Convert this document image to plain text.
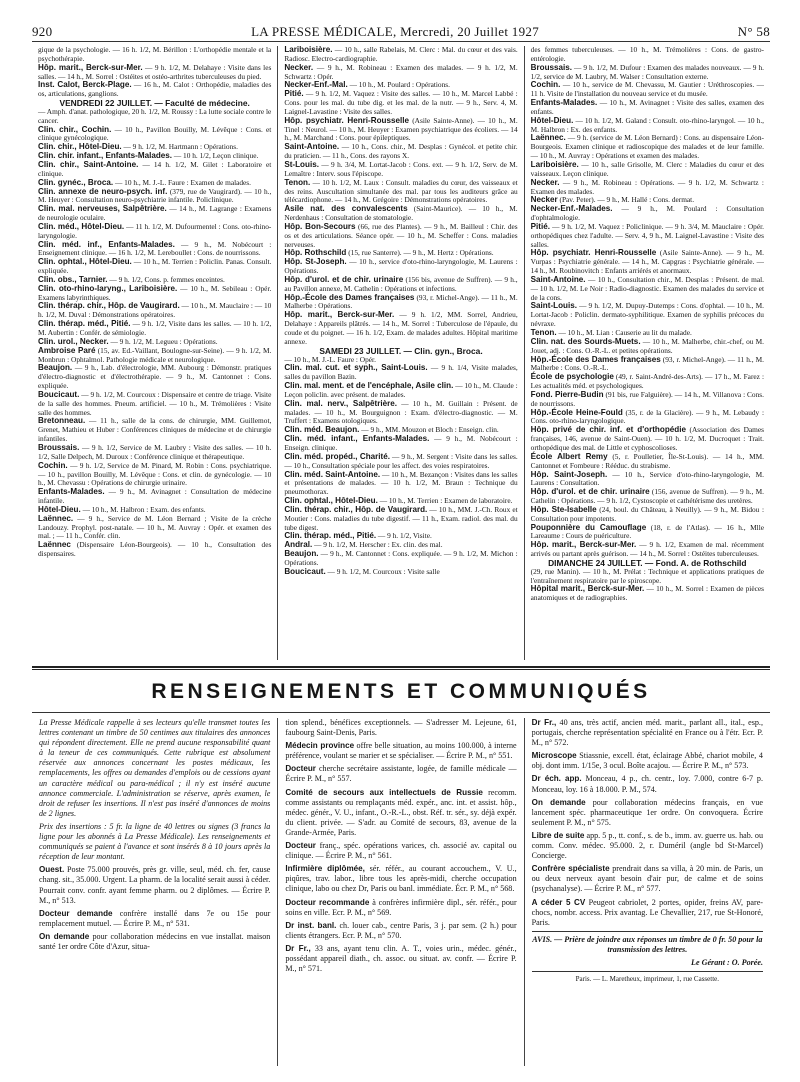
920	LA PRESSE MÉDICALE, Mercredi, 20 Juillet 1927	N° 58

gique de la psychologie. — 16 h. 1/2, M. Bérillon : L'orthopédie mentale et la psychothérapie.

Hôp. marit., Berck-sur-Mer. — 9 h. 1/2, M. Delahaye : Visite dans les salles. — 14 h., M. Sorrel : Ostéites et ostéo-arthrites tuberculeuses du pied.

Inst. Calot, Berck-Plage. — 16 h., M. Calot : Orthopédie, maladies des os, articulations, ganglions.

VENDREDI 22 JUILLET. — Faculté de médecine.

— Amph. d'anat. pathologique, 20 h. 1/2, M. Roussy : La lutte sociale contre le cancer.

Clin. chir., Cochin. — 10 h., Pavillon Bouilly, M. Lévêque : Cons. et clinique gynécologique.

Clin. chir., Hôtel-Dieu. — 9 h. 1/2, M. Hartmann : Opérations.

Clin. chir. infant., Enfants-Malades. — 10 h. 1/2, Leçon clinique.

Clin. chir., Saint-Antoine. — 14 h. 1/2, M. Gilet : Laboratoire et clinique.

Clin. gynéc., Broca. — 10 h., M. J.-L. Faure : Examen de malades.

Clin. annexe de neuro-psych. inf. (379, rue de Vaugirard). — 10 h., M. Heuyer : Consultation neuro-psychiatrie infantile. Policlinique.

Clin. mal. nerveuses, Salpêtrière. — 14 h., M. Lagrange : Examens de neurologie oculaire.

Clin. méd., Hôtel-Dieu. — 11 h. 1/2, M. Dufourmentel : Cons. oto-rhino-laryngologie.

Clin. méd. inf., Enfants-Malades. — 9 h., M. Nobécourt : Enseignement clinique. — 16 h. 1/2, M. Lereboullet : Cons. de nourrissons.

Clin. ophtal., Hôtel-Dieu. — 10 h., M. Terrien : Policlin. Panas. Consult. expliquée.

Clin. obs., Tarnier. — 9 h. 1/2, Cons. p. femmes enceintes.

Clin. oto-rhino-laryng., Lariboisière. — 10 h., M. Sebileau : Opér. Examens labyrinthiques.

Clin. thérap. chir., Hôp. de Vaugirard. — 10 h., M. Mauclaire : — 10 h. 1/2, M. Duval : Démonstrations opératoires.

Clin. thérap. méd., Pitié. — 9 h. 1/2, Visite dans les salles. — 10 h. 1/2, M. Aubertin : Confér. de sémiologie.

Clin. urol., Necker. — 9 h. 1/2, M. Legueu : Opérations.

Ambroise Paré (15, av. Ed.-Vaillant, Boulogne-sur-Seine). — 9 h. 1/2, M. Monbrun : Ophtalmol. Pathologie médicale et neurologique.

Beaujon. — 9 h., Lab. d'électrologie, MM. Aubourg : Démonstr. pratiques d'électro-diagnostic et d'électrothérapie. — 9 h., M. Cantonnet : Cons. expliquée.

Boucicaut. — 9 h. 1/2, M. Courcoux : Dispensaire et centre de triage. Visite de la salle des hommes. Pneum. artificiel. — 10 h., M. Trémolières : Visite salle des hommes.

Bretonneau. — 11 h., salle de la cons. de chirurgie, MM. Guillemot, Grenet, Mathieu et Huber : Conférences cliniques de médecine et de chirurgie infantiles.

Broussais. — 9 h. 1/2, Service de M. Laubry : Visite des salles. — 10 h. 1/2, Salle Delpech, M. Duroux : Conférence clinique et thérapeutique.

Cochin. — 9 h. 1/2, Service de M. Pinard, M. Robin : Cons. psychiatrique. — 10 h., pavillon Bouilly, M. Lévêque : Cons. et clin. de gynécologie. — 10 h., M. Chevassu : Opérations de chirurgie urinaire.

Enfants-Malades. — 9 h., M. Avinagnet : Consultation de médecine infantile.

Hôtel-Dieu. — 10 h., M. Halbron : Exam. des enfants.

Laënnec. — 9 h., Service de M. Léon Bernard ; Visite de la crèche Landouzy. Prophyl. post-natale. — 10 h., M. Auvray : Opér. et examen des mal. ; — 11 h., Confér. clin.

Laënnec (Dispensaire Léon-Bourgeois). — 10 h., Consultation des dispensaires.

Lariboisière. — 10 h., salle Rabelais, M. Clerc : Mal. du cœur et des vais. Radiosc. Electro-cardiographie.

Necker. — 9 h., M. Robineau : Examen des malades. — 9 h. 1/2, M. Schwartz : Opér.

Necker-Enf.-Mal. — 10 h., M. Poulard : Opérations.

Pitié. — 9 h. 1/2, M. Vaquez : Visite des salles. — 10 h., M. Marcel Labbé : Cons. pour les mal. du tube dig. et les mal. de la nutr. — 9 h., Serv. 4, M. Laignel-Lavastine : Visite des salles.

Hôp. psychiatr. Henri-Rousselle (Asile Sainte-Anne). — 10 h., M. Tinel : Neurol. — 10 h., M. Heuyer : Examen psychiatrique des écoliers. — 14 h., M. Marchand : Cons. pour épileptiques.

Saint-Antoine. — 10 h., Cons. chir., M. Desplas : Gynécol. et petite chir. du praticien. — 11 h., Cons. des rayons X.

St-Louis. — 9 h. 3/4, M. Lortat-Jacob : Cons. ext. — 9 h. 1/2, Serv. de M. Lemaître : Interv. sous l'épiscope.

Tenon. — 10 h. 1/2, M. Laux : Consult. maladies du cœur, des vaisseaux et des reins. Auscultation simultanée des mal. par tous les auditeurs grâce au télécardiophone. — 14 h., M. Grégoire : Démonstrations opératoires.

Asile nat. des convalescents (Saint-Maurice). — 10 h., M. Nerdenhaus : Consultation de stomatologie.

Hôp. Bon-Secours (66, rue des Plantes). — 9 h., M. Bailleul : Chir. des os et des articulations. Séance opér. — 10 h., M. Scheffer : Cons. maladies nerveuses.

Hôp. Rothschild (15, rue Santerre). — 9 h., M. Hertz : Opérations.

Hôp. St-Joseph. — 10 h., service d'oto-rhino-laryngologie, M. Laurens : Opérations.

Hôp. d'urol. et de chir. urinaire (156 bis, avenue de Suffren). — 9 h., au Pavillon annexe, M. Cathelin : Opérations et infections.

Hôp.-École des Dames françaises (93, r. Michel-Ange). — 11 h., M. Malherbe : Opérations.

Hôp. marit., Berck-sur-Mer. — 9 h. 1/2, MM. Sorrel, Andrieu, Delahaye : Appareils plâtrés. — 14 h., M. Sorrel : Tuberculose de l'épaule, du coude et du poignet. — 16 h. 1/2, Exam. de malades adultes. Hôpital maritime annexe.

SAMEDI 23 JUILLET. — Clin. gyn., Broca.

— 10 h., M. J.-L. Faure : Opér.

Clin. mal. cut. et syph., Saint-Louis. — 9 h. 1/4, Visite malades, salles du pavillon Bazin.

Clin. mal. ment. et de l'encéphale, Asile clin. — 10 h., M. Claude : Leçon policlin. avec présent. de malades.

Clin. mal. nerv., Salpêtrière. — 10 h., M. Guillain : Présent. de malades. — 10 h., M. Bourguignon : Exam. d'électro-diagnostic. — M. Truffert : Examens otologiques.

Clin. méd. Beaujon. — 9 h., MM. Mouzon et Bloch : Enseign. clin.

Clin. méd. infant., Enfants-Malades. — 9 h., M. Nobécourt : Enseign. clinique.

Clin. méd. propéd., Charité. — 9 h., M. Sergent : Visite dans les salles. — 10 h., Consultation spéciale pour les affect. des voies respiratoires.

Clin. méd. Saint-Antoine. — 10 h., M. Bezançon : Visites dans les salles et présentations de malades. — 10 h. 1/2, M. Braun : Technique du pneumothorax.

Clin. ophtal., Hôtel-Dieu. — 10 h., M. Terrien : Examen de laboratoire.

Clin. thérap. chir., Hôp. de Vaugirard. — 10 h., MM. J.-Ch. Roux et Moutier : Cons. maladies du tube digestif. — 11 h., Exam. radiol. des mal. du tube digest.

Clin. thérap. méd., Pitié. — 9 h. 1/2, Visite.

Andral. — 9 h. 1/2, M. Herscher : Ex. clin. des mal.

Beaujon. — 9 h., M. Cantonnet : Cons. expliquée. — 9 h. 1/2, M. Michon : Opérations.

Boucicaut. — 9 h. 1/2, M. Courcoux : Visite salle

des femmes tuberculeuses. — 10 h., M. Trémolières : Cons. de gastro-entérologie.

Broussais. — 9 h. 1/2, M. Dufour : Examen des malades nouveaux. — 9 h. 1/2, service de M. Laubry, M. Walser : Consultation externe.

Cochin. — 10 h., service de M. Chevassu, M. Gautier : Uréthroscopies. — 11 h. Visite de l'installation du nouveau service et du musée.

Enfants-Malades. — 10 h., M. Avinagnet : Visite des salles, examen des enfants.

Hôtel-Dieu. — 10 h. 1/2, M. Galand : Consult. oto-rhino-laryngol. — 10 h., M. Halbron : Ex. des enfants.

Laënnec. — 9 h. (service de M. Léon Bernard) : Cons. au dispensaire Léon-Bourgeois. Examen clinique et radioscopique des malades et de leur famille. — 10 h., M. Auvray : Opérations et examen des malades.

Lariboisière. — 10 h., salle Grisolle, M. Clerc : Maladies du cœur et des vaisseaux. Leçon clinique.

Necker. — 9 h., M. Robineau : Opérations. — 9 h. 1/2, M. Schwartz : Examen des malades.

Necker (Pav. Peter). — 9 h., M. Hallé : Cons. dermat.

Necker-Enf.-Malades. — 9 h., M. Poulard : Consultation d'ophtalmologie.

Pitié. — 9 h. 1/2, M. Vaquez : Policlinique. — 9 h. 3/4, M. Mauclaire : Opér. orthopédiques chez l'adulte. — Serv. 4, 9 h., M. Laignel-Lavastine : Visite des salles.

Hôp. psychiatr. Henri-Rousselle (Asile Sainte-Anne). — 9 h., M. Vurpas : Psychiatrie générale. — 14 h., M. Capgras : Psychiatrie générale. — 14 h., M. Roubinovitch : Enfants arriérés et anormaux.

Saint-Antoine. — 10 h., Consultation chir., M. Desplas : Présent. de mal. — 10 h. 1/2, M. Le Noir : Radio-diagnostic. Examen des malades du service et de la cons.

Saint-Louis. — 9 h. 1/2, M. Dupuy-Dutemps : Cons. d'ophtal. — 10 h., M. Lortat-Jacob : Policlin. dermato-syphilitique. Examen de syphilis précoces du névraxe.

Tenon. — 10 h., M. Lian : Causerie au lit du malade.

Clin. nat. des Sourds-Muets. — 10 h., M. Malherbe, chir.-chef, ou M. Jouet, adj. : Cons. O.-R.-L. et petites opérations.

Hôp.-École des Dames françaises (93, r. Michel-Ange). — 11 h., M. Malherbe : Cons. O.-R.-L.

École de psychologie (49, r. Saint-André-des-Arts). — 17 h., M. Farez : Les actualités méd. et psychologiques.

Fond. Pierre-Budin (91 bis, rue Falguière). — 14 h., M. Villanova : Cons. de nourrissons.

Hôp.-École Heine-Fould (35, r. de la Glacière). — 9 h., M. Lebaudy : Cons. oto-rhino-laryngologique.

Hôp. privé de chir. inf. et d'orthopédie (Association des Dames françaises, 146, avenue de Saint-Ouen). — 10 h. 1/2, M. Ducroquet : Trait. orthopédique des mal. de Little et cyphoscolioses.

École Albert Remy (5, r. Poulletier, Île-St-Louis). — 14 h., MM. Cantonnet et Fombeure : Rééduc. du strabisme.

Hôp. Saint-Joseph. — 10 h., Service d'oto-rhino-laryngologie, M. Laurens : Consultation.

Hôp. d'urol. et de chir. urinaire (156, avenue de Suffren). — 9 h., M. Cathelin : Opérations. — 9 h. 1/2, Cystoscopie et cathétérisme des uretères.

Hôp. Ste-Isabelle (24, boul. du Château, à Neuilly). — 9 h., M. Bidou : Consultation pour impotents.

Pouponnière du Camouflage (18, r. de l'Atlas). — 16 h., Mlle Lareaume : Cours de puériculture.

Hôp. marit., Berck-sur-Mer. — 9 h. 1/2, Examen de mal. récemment arrivés ou partant après guérison. — 14 h., M. Sorrel : Ostéites tuberculeuses.

DIMANCHE 24 JUILLET. — Fond. A. de Rothschild

(29, rue Manin). — 10 h., M. Prélat : Technique et applications pratiques de l'entraînement respiratoire par le spiroscope.

Hôpital marit., Berck-sur-Mer. — 10 h., M. Sorrel : Examen de pièces anatomiques et de radiographies.

RENSEIGNEMENTS ET COMMUNIQUÉS

La Presse Médicale rappelle à ses lecteurs qu'elle transmet toutes les lettres contenant un timbre de 50 centimes aux titulaires des annonces qui répondent directement. Elle ne prend aucune responsabilité quant à la teneur de ces communiqués. Cette rubrique est absolument réservée aux annonces concernant les postes médicaux, les remplacements, les offres ou demandes d'emplois ou de cessions ayant un caractère médical ou para-médical ; il n'y est inséré aucune annonce commerciale. L'administration se réserve, après examen, le droit de refuser les insertions. Il n'est pas inséré d'annonces de moins de 2 lignes.

Prix des insertions : 5 fr. la ligne de 40 lettres ou signes (3 francs la ligne pour les abonnés à La Presse Médicale). Les renseignements et communiqués se paient à l'avance et sont insérés 8 à 10 jours après la réception de leur montant.

Ouest. Poste 75.000 prouvés, près gr. ville, seul, méd. ch. fer, cause chang. sit., 35.000. Urgent. La pharm. de la localité serait aussi à céder. Pourrait conv. confr. ayant femme pharm. ou 2 diplômes. — Écrire P. M., n° 513.

Docteur demande confrère installé dans 7e ou 15e pour remplacement mutuel. — Écrire P. M., n° 531.

On demande pour collaboration médecins en vue installat. maison santé 1er ordre Côte d'Azur, situa-

tion splend., bénéfices exceptionnels. — S'adresser M. Lejeune, 61, faubourg Saint-Denis, Paris.

Médecin province offre belle situation, au moins 100.000, à interne préférence, voulant se marier et se spécialiser. — Écrire P. M., n° 551.

Docteur cherche secrétaire assistante, logée, de famille médicale — Écrire P. M., n° 557.

Comité de secours aux intellectuels de Russie recomm. comme assistants ou remplaçants méd. expér., anc. int. et assist. hôp., médec. génér., V. U., infant., O.-R.-L., obst. Réf. tr. sér., sy. déjà expér. du client. privée. — S'adr. au Comité de secours, 83, avenue de la Grande-Armée, Paris.

Docteur franç., spéc. opérations varices, ch. associé av. capital ou clinique. — Écrire P. M., n° 561.

Infirmière diplômée, sér. référ., au courant accouchem., V. U., piqûres, trav. labor., libre tous les après-midi, cherche occupation clinique, labo ou chez Dr, Paris ou banl. immédiate. Écr. P. M., n° 568.

Docteur recommande à confrères infirmière dipl., sér. référ., pour soins en ville. Ecr. P. M., n° 569.

Dr inst. banl. ch. louer cab., centre Paris, 3 j. par sem. (2 h.) pour clients étrangers. Ecr. P. M., n° 570.

Dr Fr., 33 ans, ayant tenu clin. A. T., voies urin., médec. génér., possédant appareil diath., ch. assoc. ou situat. av. confr. — Écrire P. M., n° 571.

Dr Fr., 40 ans, très actif, ancien méd. marit., parlant all., ital., esp., portugais, cherche représentation spécialité en France ou à l'étr. Ecr. P. M., n° 572.

Microscope Stiassnie, excell. état, éclairage Abbé, chariot mobile, 4 obj. dont imm. 1/15e, 3 ocul. Boîte acajou. — Écrire P. M., n° 573.

Dr éch. app. Monceau, 4 p., ch. centr., loy. 7.000, contre 6-7 p. Monceau, loy. 16 à 18.000. P. M., 574.

On demande pour collaboration médecins français, en vue lancement spéc. pharmaceutique 1er ordre. On convoquera. Écrire seulement P. M., n° 575.

Libre de suite app. 5 p., tt. conf., s. de b., imm. av. guerre us. hab. ou comm. Conv. médec. 95.000. 2, r. Duméril (angle bd St-Marcel) Concierge.

Confrère spécialiste prendrait dans sa villa, à 20 min. de Paris, un ou deux nerveux ayant besoin d'air pur, de calme et de soins (psychanalyse). — Écrire P. M., n° 577.

A céder 5 CV Peugeot cabriolet, 2 portes, opider, freins AV, pare-chocs, nombr. access. Prix avantag. Le Chevallier, 217, rue St-Honoré, Paris.

AVIS. — Prière de joindre aux réponses un timbre de 0 fr. 50 pour la transmission des lettres.

Le Gérant : O. Porée.

Paris. — L. Maretheux, imprimeur, 1, rue Cassette.
